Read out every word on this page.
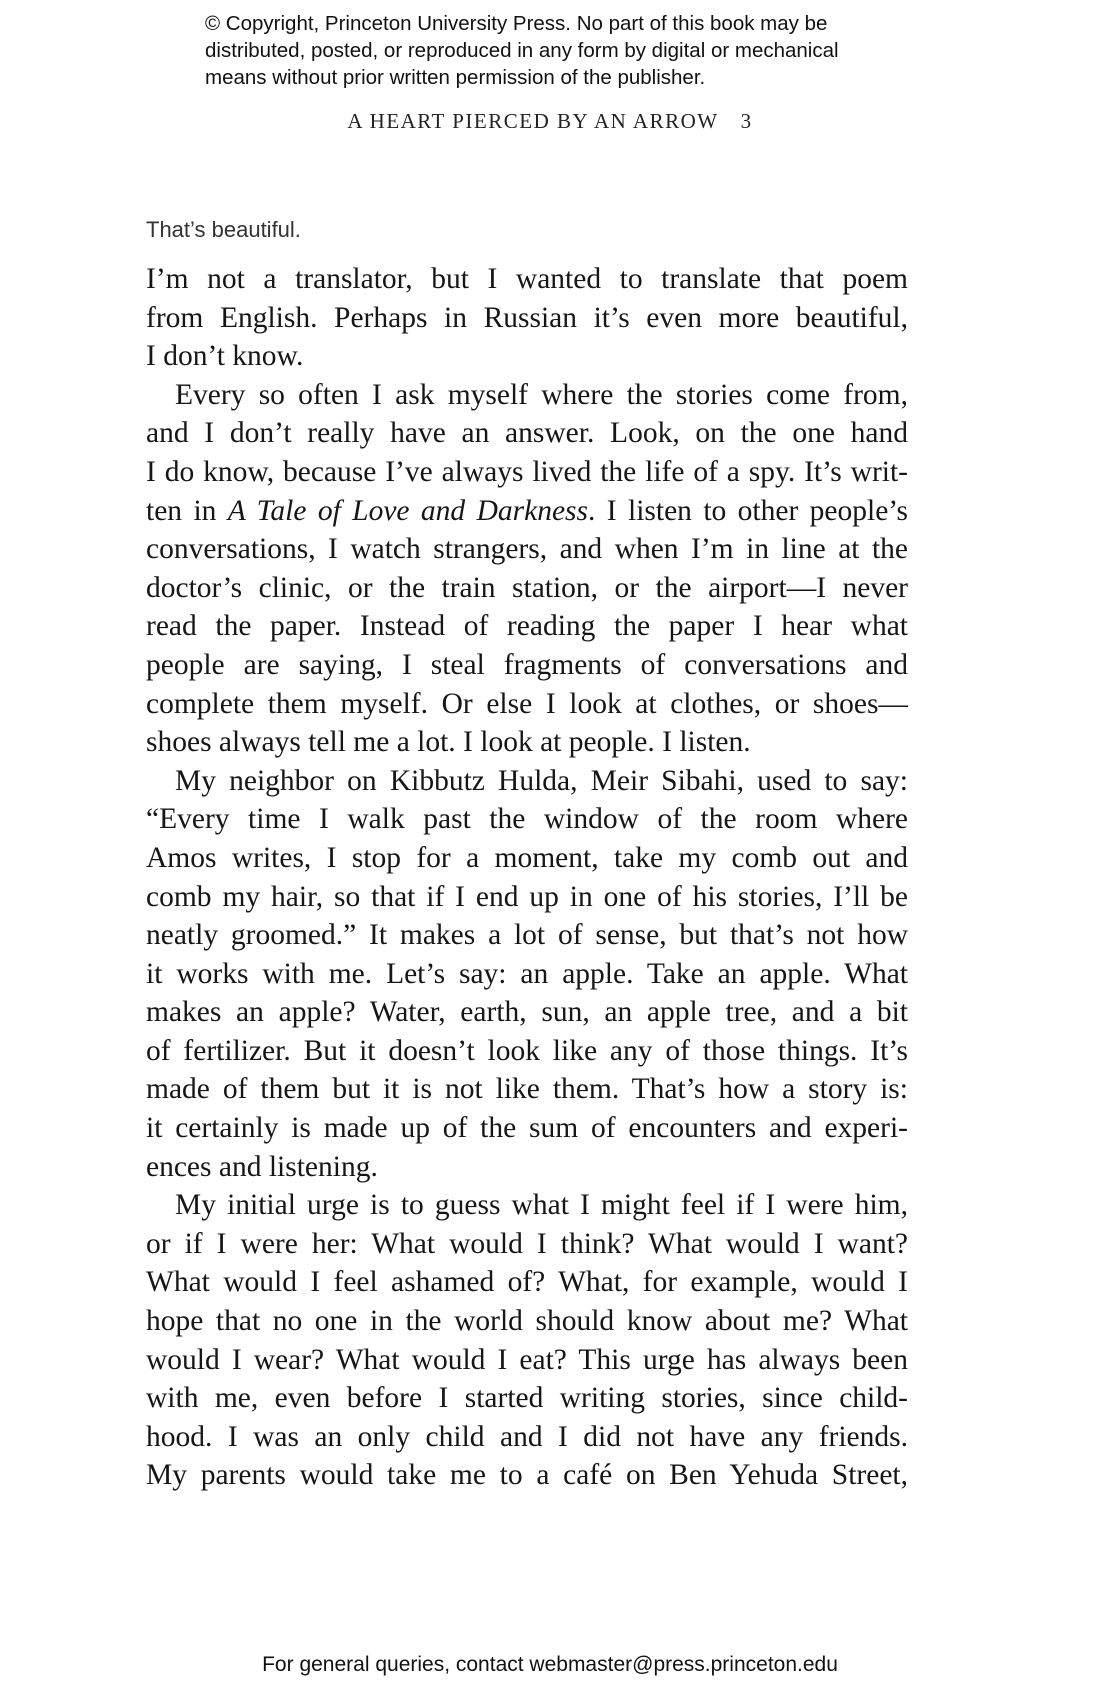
© Copyright, Princeton University Press. No part of this book may be
distributed, posted, or reproduced in any form by digital or mechanical
means without prior written permission of the publisher.
A HEART PIERCED BY AN ARROW 3
That’s beautiful.
I’m not a translator, but I wanted to translate that poem
from English. Perhaps in Russian it’s even more beautiful,
I don’t know.
Every so often I ask myself where the stories come from,
and I don’t really have an answer. Look, on the one hand
I do know, because I’ve always lived the life of a spy. It’s writ-
ten in A Tale of Love and Darkness. I listen to other people’s
conversations, I watch strangers, and when I’m in line at the
doctor’s clinic, or the train station, or the airport—I never
read the paper. Instead of reading the paper I hear what
people are saying, I steal fragments of conversations and
complete them myself. Or else I look at clothes, or shoes—
shoes always tell me a lot. I look at people. I listen.
My neighbor on Kibbutz Hulda, Meir Sibahi, used to say:
“Every time I walk past the window of the room where
Amos writes, I stop for a moment, take my comb out and
comb my hair, so that if I end up in one of his stories, I’ll be
neatly groomed.” It makes a lot of sense, but that’s not how
it works with me. Let’s say: an apple. Take an apple. What
makes an apple? Water, earth, sun, an apple tree, and a bit
of fertilizer. But it doesn’t look like any of those things. It’s
made of them but it is not like them. That’s how a story is:
it certainly is made up of the sum of encounters and experi-
ences and listening.
My initial urge is to guess what I might feel if I were him,
or if I were her: What would I think? What would I want?
What would I feel ashamed of? What, for example, would I
hope that no one in the world should know about me? What
would I wear? What would I eat? This urge has always been
with me, even before I started writing stories, since child-
hood. I was an only child and I did not have any friends.
My parents would take me to a café on Ben Yehuda Street,
For general queries, contact webmaster@press.princeton.edu
